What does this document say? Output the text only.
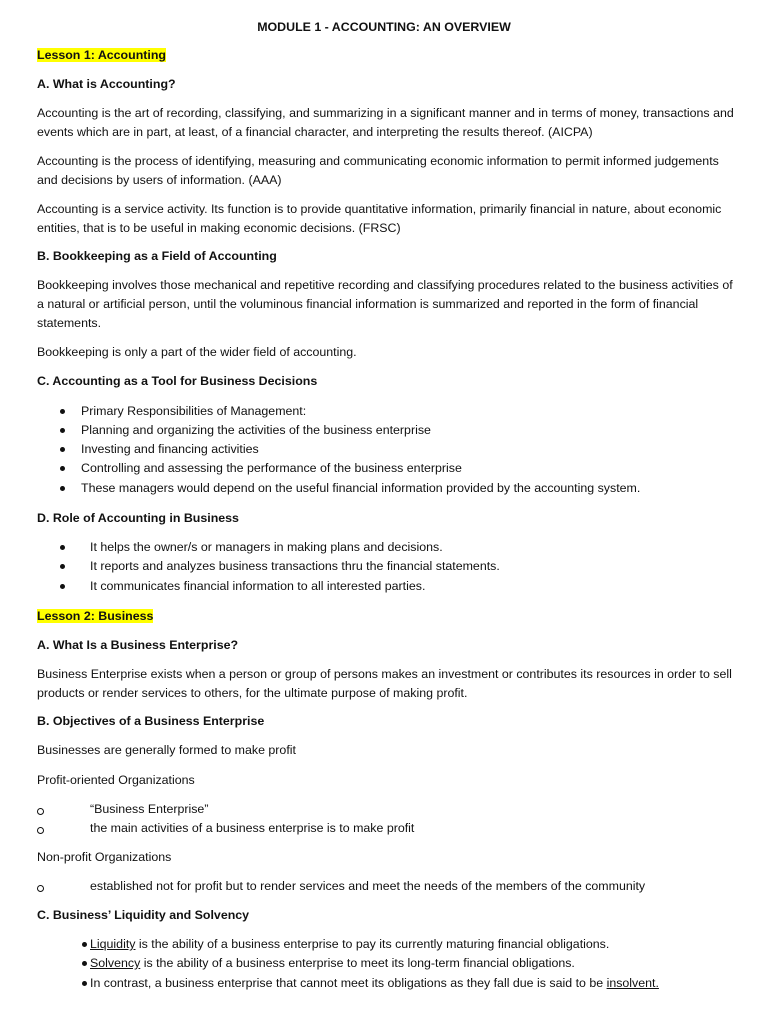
MODULE 1 - ACCOUNTING: AN OVERVIEW
Lesson 1: Accounting
A. What is Accounting?
Accounting is the art of recording, classifying, and summarizing in a significant manner and in terms of money, transactions and events which are in part, at least, of a financial character, and interpreting the results thereof. (AICPA)
Accounting is the process of identifying, measuring and communicating economic information to permit informed judgements and decisions by users of information. (AAA)
Accounting is a service activity. Its function is to provide quantitative information, primarily financial in nature, about economic entities, that is to be useful in making economic decisions. (FRSC)
B. Bookkeeping as a Field of Accounting
Bookkeeping involves those mechanical and repetitive recording and classifying procedures related to the business activities of a natural or artificial person, until the voluminous financial information is summarized and reported in the form of financial statements.
Bookkeeping is only a part of the wider field of accounting.
C. Accounting as a Tool for Business Decisions
Primary Responsibilities of Management:
Planning and organizing the activities of the business enterprise
Investing and financing activities
Controlling and assessing the performance of the business enterprise
These managers would depend on the useful financial information provided by the accounting system.
D. Role of Accounting in Business
It helps the owner/s or managers in making plans and decisions.
It reports and analyzes business transactions thru the financial statements.
It communicates financial information to all interested parties.
Lesson 2: Business
A. What Is a Business Enterprise?
Business Enterprise exists when a person or group of persons makes an investment or contributes its resources in order to sell products or render services to others, for the ultimate purpose of making profit.
B. Objectives of a Business Enterprise
Businesses are generally formed to make profit
Profit-oriented Organizations
“Business Enterprise”
the main activities of a business enterprise is to make profit
Non-profit Organizations
established not for profit but to render services and meet the needs of the members of the community
C. Business’ Liquidity and Solvency
Liquidity is the ability of a business enterprise to pay its currently maturing financial obligations.
Solvency is the ability of a business enterprise to meet its long-term financial obligations.
In contrast, a business enterprise that cannot meet its obligations as they fall due is said to be insolvent.
